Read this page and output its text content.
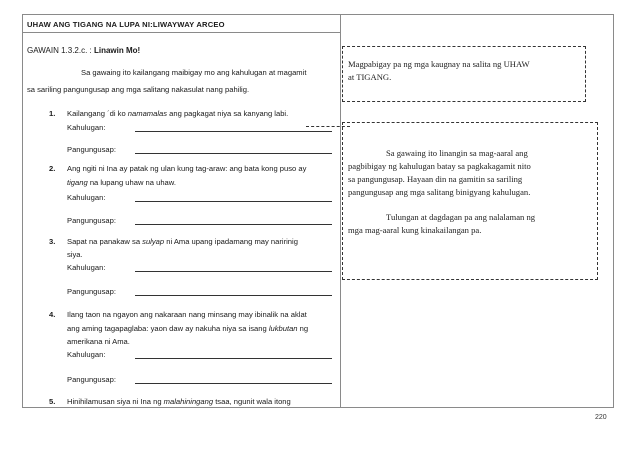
UHAW ANG TIGANG NA LUPA NI:LIWAYWAY ARCEO
GAWAIN 1.3.2.c. : Linawin Mo!
Sa gawaing ito kailangang maibigay mo ang kahulugan at magamit
sa sariling pangungusap ang mga salitang nakasulat nang pahilig.
1. Kailangang ´di ko namamalas ang pagkagat niya sa kanyang labi.
Kahulugan:
Pangungusap:
2. Ang ngiti ni Ina ay patak ng ulan kung tag-araw: ang bata kong puso ay
tigang na lupang uhaw na uhaw.
Kahulugan:
Pangungusap:
3. Sapat na panakaw sa sulyap ni Ama upang ipadamang may naririnig
siya.
Kahulugan:
Pangungusap:
4. Ilang taon na ngayon ang nakaraan nang minsang may ibinalik na aklat
ang aming tagapaglaba: yaon daw ay nakuha niya sa isang lukbutan ng
amerikana ni Ama.
Kahulugan:
Pangungusap:
5. Hinihilamusan siya ni Ina ng malahiningang tsaa, ngunit wala itong
Magpabigay pa ng mga kaugnay na salita ng UHAW
at TIGANG.
Sa gawaing ito linangin sa mag-aaral ang
pagbibigay ng kahulugan batay sa pagkakagamit nito
sa pangungusap. Hayaan din na gamitin sa sariling
pangungusap ang mga salitang binigyang kahulugan.
Tulungan at dagdagan pa ang nalalaman ng
mga mag-aaral kung kinakailangan pa.
220
